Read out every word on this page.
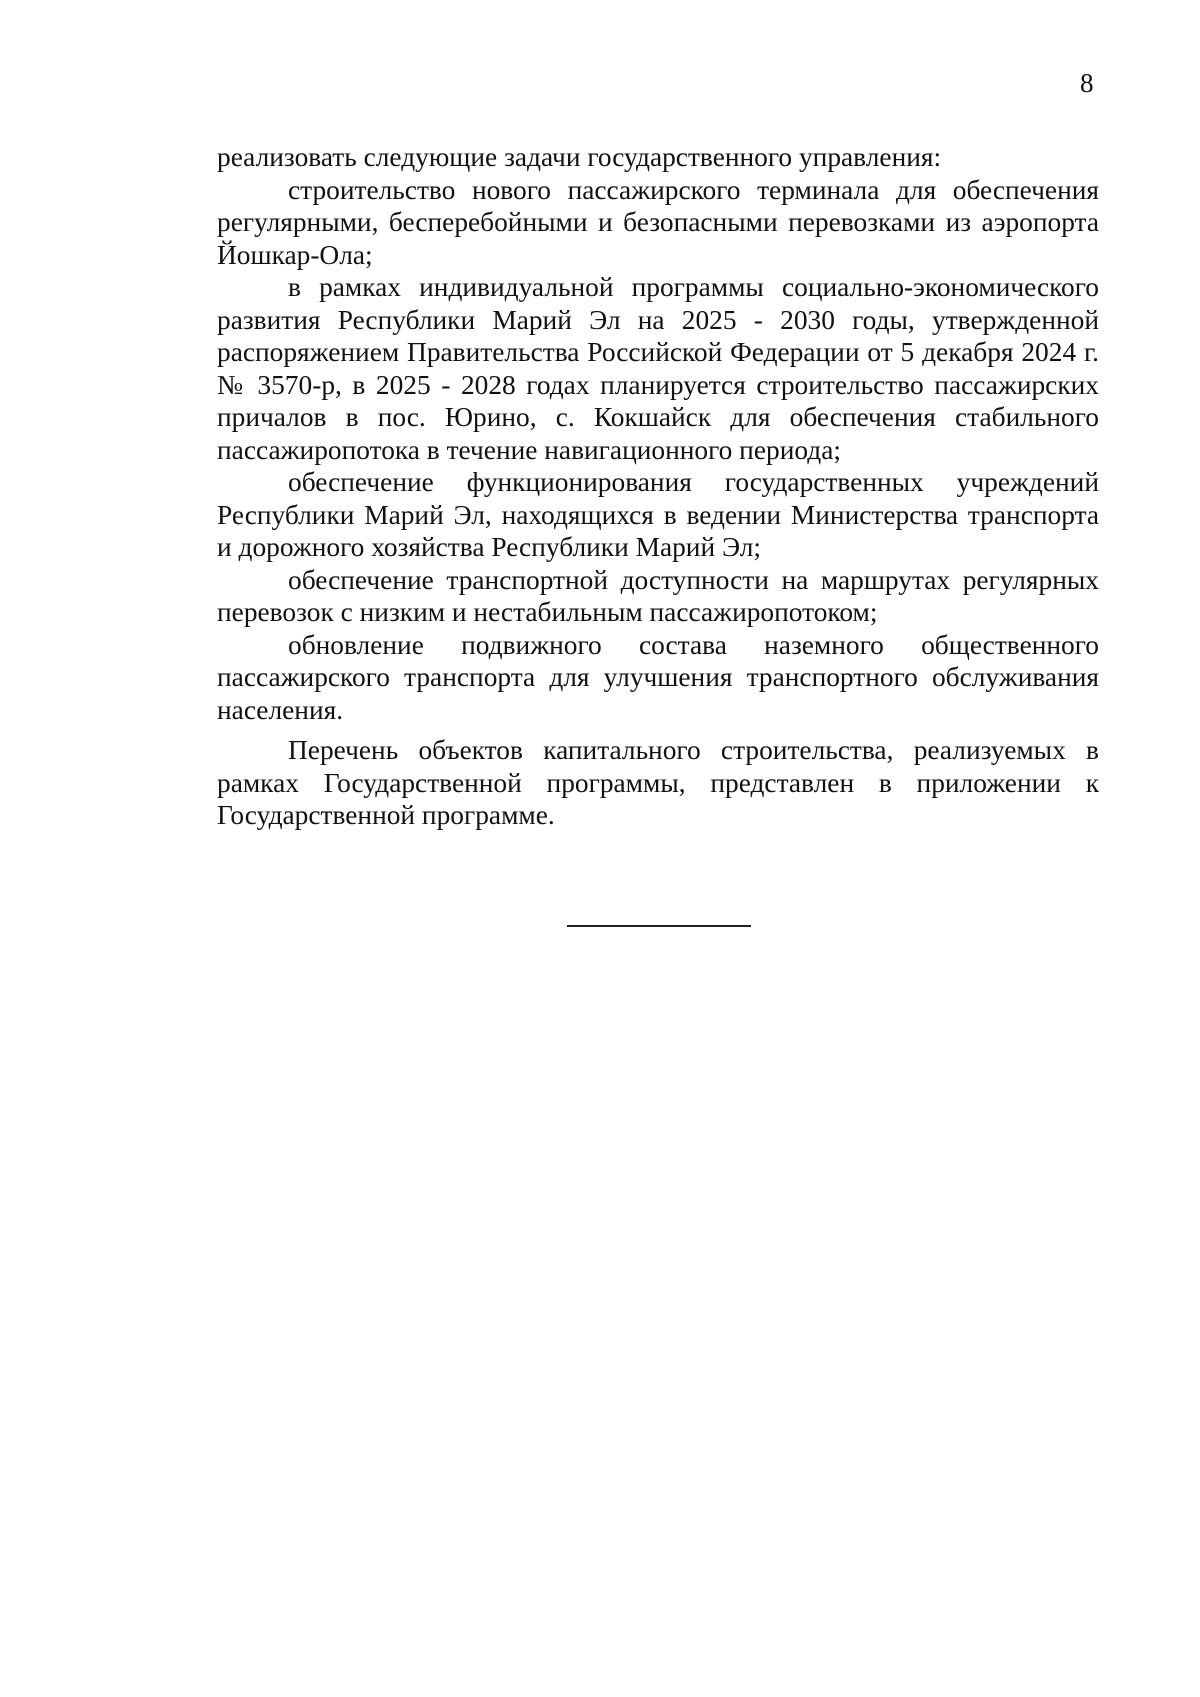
8

реализовать следующие задачи государственного управления:

строительство нового пассажирского терминала для обеспечения регулярными, бесперебойными и безопасными перевозками из аэропорта Йошкар-Ола;

в рамках индивидуальной программы социально-экономического развития Республики Марий Эл на 2025 - 2030 годы, утвержденной распоряжением Правительства Российской Федерации от 5 декабря 2024 г. № 3570-р, в 2025 - 2028 годах планируется строительство пассажирских причалов в пос. Юрино, с. Кокшайск для обеспечения стабильного пассажиропотока в течение навигационного периода;

обеспечение функционирования государственных учреждений Республики Марий Эл, находящихся в ведении Министерства транспорта и дорожного хозяйства Республики Марий Эл;

обеспечение транспортной доступности на маршрутах регулярных перевозок с низким и нестабильным пассажиропотоком;

обновление подвижного состава наземного общественного пассажирского транспорта для улучшения транспортного обслуживания населения.

Перечень объектов капитального строительства, реализуемых в рамках Государственной программы, представлен в приложении к Государственной программе.
